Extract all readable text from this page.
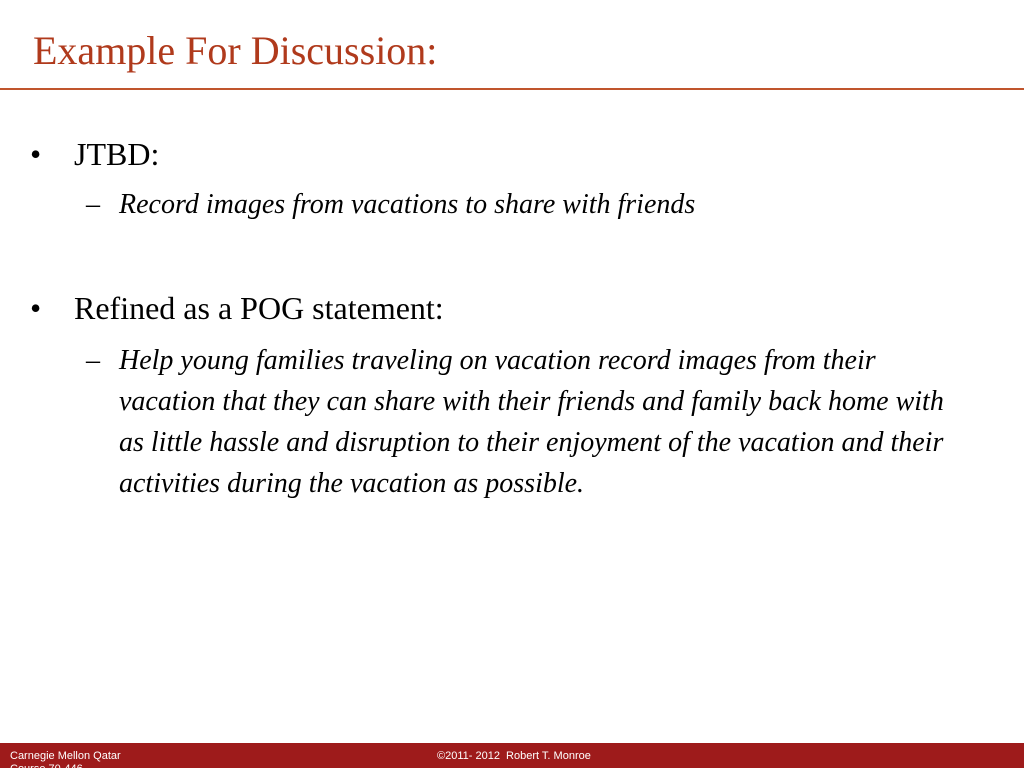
Example For Discussion:
• JTBD:
– Record images from vacations to share with friends
• Refined as a POG statement:
– Help young families traveling on vacation record images from their vacation that they can share with their friends and family back home with as little hassle and disruption to their enjoyment of the vacation and their activities during the vacation as possible.
Carnegie Mellon Qatar
Course 70-446
©2011- 2012  Robert T. Monroe
